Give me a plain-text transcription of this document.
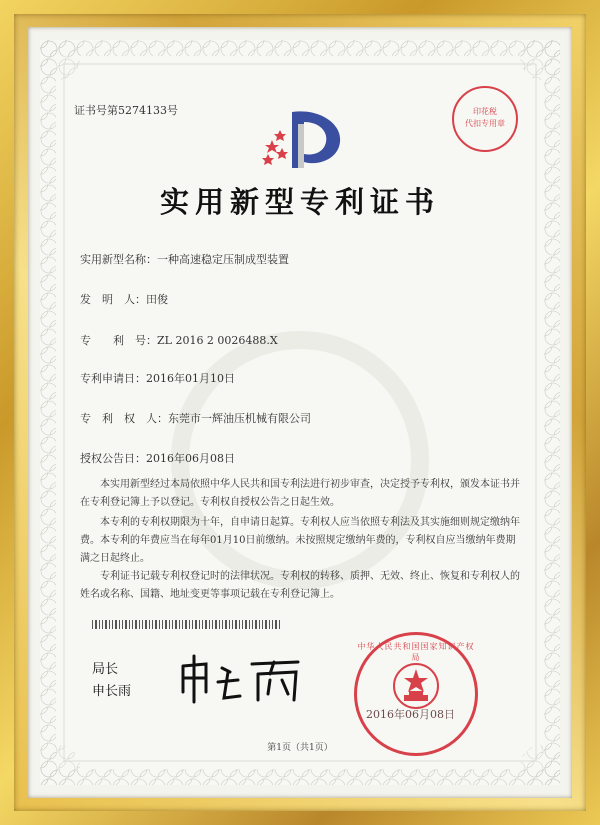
证书号第5274133号	印花税
代扣专用章
实用新型专利证书
实用新型名称：一种高速稳定压制成型装置
发　明　人：田俊
专　　利　号：ZL 2016 2 0026488.X
专利申请日：2016年01月10日
专　利　权　人：东莞市一辉油压机械有限公司
授权公告日：2016年06月08日
本实用新型经过本局依照中华人民共和国专利法进行初步审查，决定授予专利权，颁发本证书并在专利登记簿上予以登记。专利权自授权公告之日起生效。
本专利的专利权期限为十年，自申请日起算。专利权人应当依照专利法及其实施细则规定缴纳年费。本专利的年费应当在每年01月10日前缴纳。未按照规定缴纳年费的，专利权自应当缴纳年费期满之日起终止。
专利证书记载专利权登记时的法律状况。专利权的转移、质押、无效、终止、恢复和专利权人的姓名或名称、国籍、地址变更等事项记载在专利登记簿上。
局长
申长雨
中华人民共和国国家知识产权局
2016年06月08日
第1页（共1页）
